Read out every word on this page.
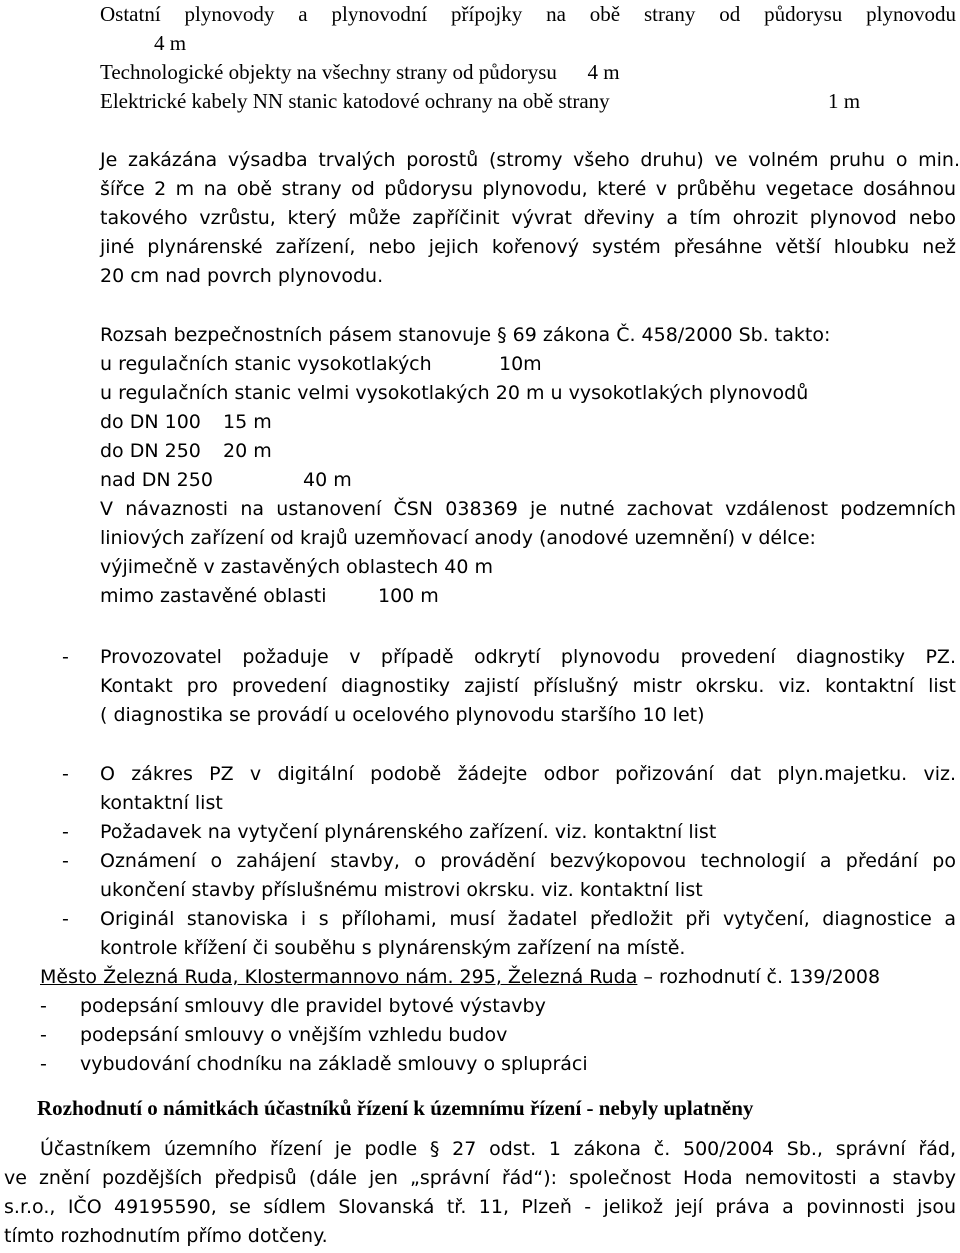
Ostatní plynovody a plynovodní přípojky na obě strany od půdorysu plynovodu
4 m
Technologické objekty na všechny strany od půdorysu 4 m
Elektrické kabely NN stanic katodové ochrany na obě strany	1 m
Je zakázána výsadba trvalých porostů (stromy všeho druhu) ve volném pruhu o min.
šířce 2 m na obě strany od půdorysu plynovodu, které v průběhu vegetace dosáhnou
takového vzrůstu, který může zapříčinit vývrat dřeviny a tím ohrozit plynovod nebo
jiné plynárenské zařízení, nebo jejich kořenový systém přesáhne větší hloubku než
20 cm nad povrch plynovodu.
Rozsah bezpečnostních pásem stanovuje § 69 zákona Č. 458/2000 Sb. takto:
u regulačních stanic vysokotlakých	10m
u regulačních stanic velmi vysokotlakých 20 m u vysokotlakých plynovodů
do DN 100 15 m
do DN 250 20 m
nad DN 250	40 m
V návaznosti na ustanovení ČSN 038369 je nutné zachovat vzdálenost podzemních
liniových zařízení od krajů uzemňovací anody (anodové uzemnění) v délce:
výjimečně v zastavěných oblastech 40 m
mimo zastavěné oblasti	100 m
- Provozovatel požaduje v případě odkrytí plynovodu provedení diagnostiky PZ.
Kontakt pro provedení diagnostiky zajistí příslušný mistr okrsku. viz. kontaktní list
( diagnostika se provádí u ocelového plynovodu staršího 10 let)
- O zákres PZ v digitální podobě žádejte odbor pořizování dat plyn.majetku. viz.
kontaktní list
- Požadavek na vytyčení plynárenského zařízení. viz. kontaktní list
- Oznámení o zahájení stavby, o provádění bezvýkopovou technologií a předání po
ukončení stavby příslušnému mistrovi okrsku. viz. kontaktní list
- Originál stanoviska i s přílohami, musí žadatel předložit při vytyčení, diagnostice a
kontrole křížení či souběhu s plynárenským zařízení na místě.
Město Železná Ruda, Klostermannovo nám. 295, Železná Ruda – rozhodnutí č. 139/2008
- podepsání smlouvy dle pravidel bytové výstavby
- podepsání smlouvy o vnějším vzhledu budov
- vybudování chodníku na základě smlouvy o splupráci
Rozhodnutí o námitkách účastníků řízení k územnímu řízení - nebyly uplatněny
Účastníkem územního řízení je podle § 27 odst. 1 zákona č. 500/2004 Sb., správní řád,
ve znění pozdějších předpisů (dále jen „správní řád“): společnost Hoda nemovitosti a stavby
s.r.o., IČO 49195590, se sídlem Slovanská tř. 11, Plzeň - jelikož její práva a povinnosti jsou
tímto rozhodnutím přímo dotčeny.
